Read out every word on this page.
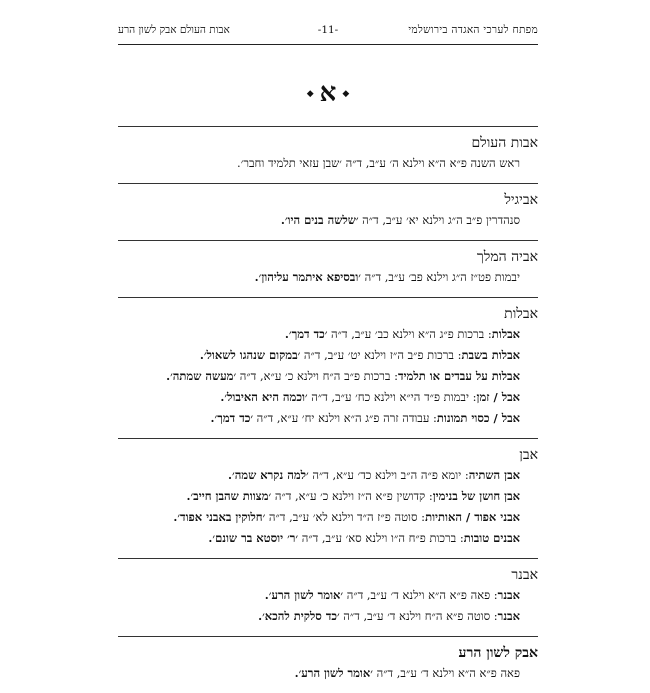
מפתח לערכי האגדה בירושלמי
-11-
אבות העולם אבק לשון הרע
◆א◆
אבות העולם
ראש השנה פ״א ה״א וילנא ה׳ ע״ב, ד״ה ׳שבן עזאי תלמיד וחבר׳.
אביגיל
סנהדרין פ״ב ה״ג וילנא יא׳ ע״ב, ד״ה ׳שלשה בנים היו׳.
אביה המלך
יבמות פט״ז ה״ג וילנא פב׳ ע״ב, ד״ה ׳ובסיפא איתמר עליהון׳.
אבלות
אבלות: ברכות פ״ג ה״א וילנא כב׳ ע״ב, ד״ה ׳כד דמך׳.
אבלות בשבת: ברכות פ״ב ה״ז וילנא יט׳ ע״ב, ד״ה ׳במקום שנהגו לשאול׳.
אבלות על עבדים או תלמיד: ברכות פ״ב ה״ח וילנא כ׳ ע״א, ד״ה ׳מעשה שמתה׳.
אבל / זמן: יבמות פ״ד הי״א וילנא כח׳ ע״ב, ד״ה ׳וכמה היא האיבול׳.
אבל / כסוי תמונות: עבודה זרה פ״ג ה״א וילנא יח׳ ע״א, ד״ה ׳כד דמך׳.
אבן
אבן השתיה: יומא פ״ה ה״ב וילנא כד׳ ע״א, ד״ה ׳למה נקרא שמה׳.
אבן חושן של בנימין: קדושין פ״א ה״ז וילנא כ׳ ע״א, ד״ה ׳מצוות שהבן חייב׳.
אבני אפוד / האותיות: סוטה פ״ז ה״ד וילנא לא׳ ע״ב, ד״ה ׳חלוקין באבני אפוד׳.
אבנים טובות: ברכות פ״ח ה״ו וילנא סא׳ ע״ב, ד״ה ׳ר׳ יוסטא בר שונם׳.
אבנר
אבנר: פאה פ״א ה״א וילנא ד׳ ע״ב, ד״ה ׳אומר לשון הרע׳.
אבנר: סוטה פ״א ה״ח וילנא ד׳ ע״ב, ד״ה ׳כד סלקית להכא׳.
אבק לשון הרע
פאה פ״א ה״א וילנא ד׳ ע״ב, ד״ה ׳אומר לשון הרע׳.
